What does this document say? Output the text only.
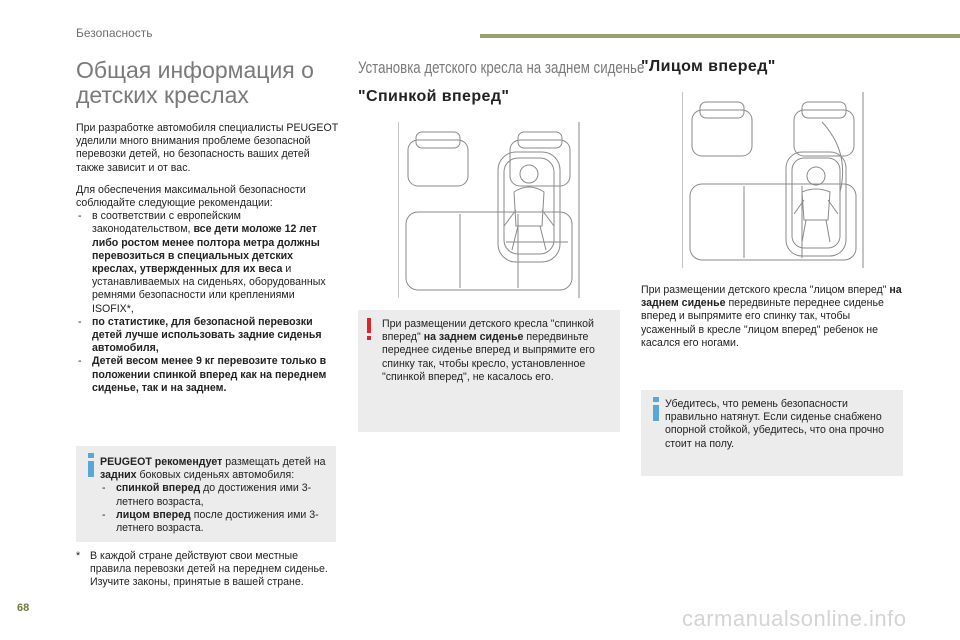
Безопасность
Общая информация о
детских креслах

При разработке автомобиля специалисты PEUGEOT уделили много внимания проблеме безопасной перевозки детей, но безопасность ваших детей также зависит и от вас.

Для обеспечения максимальной безопасности соблюдайте следующие рекомендации:

- в соответствии с европейским законодательством, все дети моложе 12 лет либо ростом менее полтора метра должны перевозиться в специальных детских креслах, утвержденных для их веса и устанавливаемых на сиденьях, оборудованных ремнями безопасности или креплениями ISOFIX*,
- по статистике, для безопасной перевозки детей лучше использовать задние сиденья автомобиля,
- Детей весом менее 9 кг перевозите только в положении спинкой вперед как на переднем сиденье, так и на заднем.
PEUGEOT рекомендует размещать детей на задних боковых сиденьях автомобиля:
- спинкой вперед до достижения ими 3-летнего возраста,
- лицом вперед после достижения ими 3-летнего возраста.
* В каждой стране действуют свои местные правила перевозки детей на переднем сиденье. Изучите законы, принятые в вашей стране.
Установка детского кресла на заднем сиденье
"Спинкой вперед"
При размещении детского кресла "спинкой вперед" на заднем сиденье передвиньте переднее сиденье вперед и выпрямите его спинку так, чтобы кресло, установленное "спинкой вперед", не касалось его.
"Лицом вперед"
При размещении детского кресла "лицом вперед" на заднем сиденье передвиньте переднее сиденье вперед и выпрямите его спинку так, чтобы усаженный в кресле "лицом вперед" ребенок не касался его ногами.
Убедитесь, что ремень безопасности правильно натянут. Если сиденье снабжено опорной стойкой, убедитесь, что она прочно стоит на полу.
68	carmanualsonline.info
